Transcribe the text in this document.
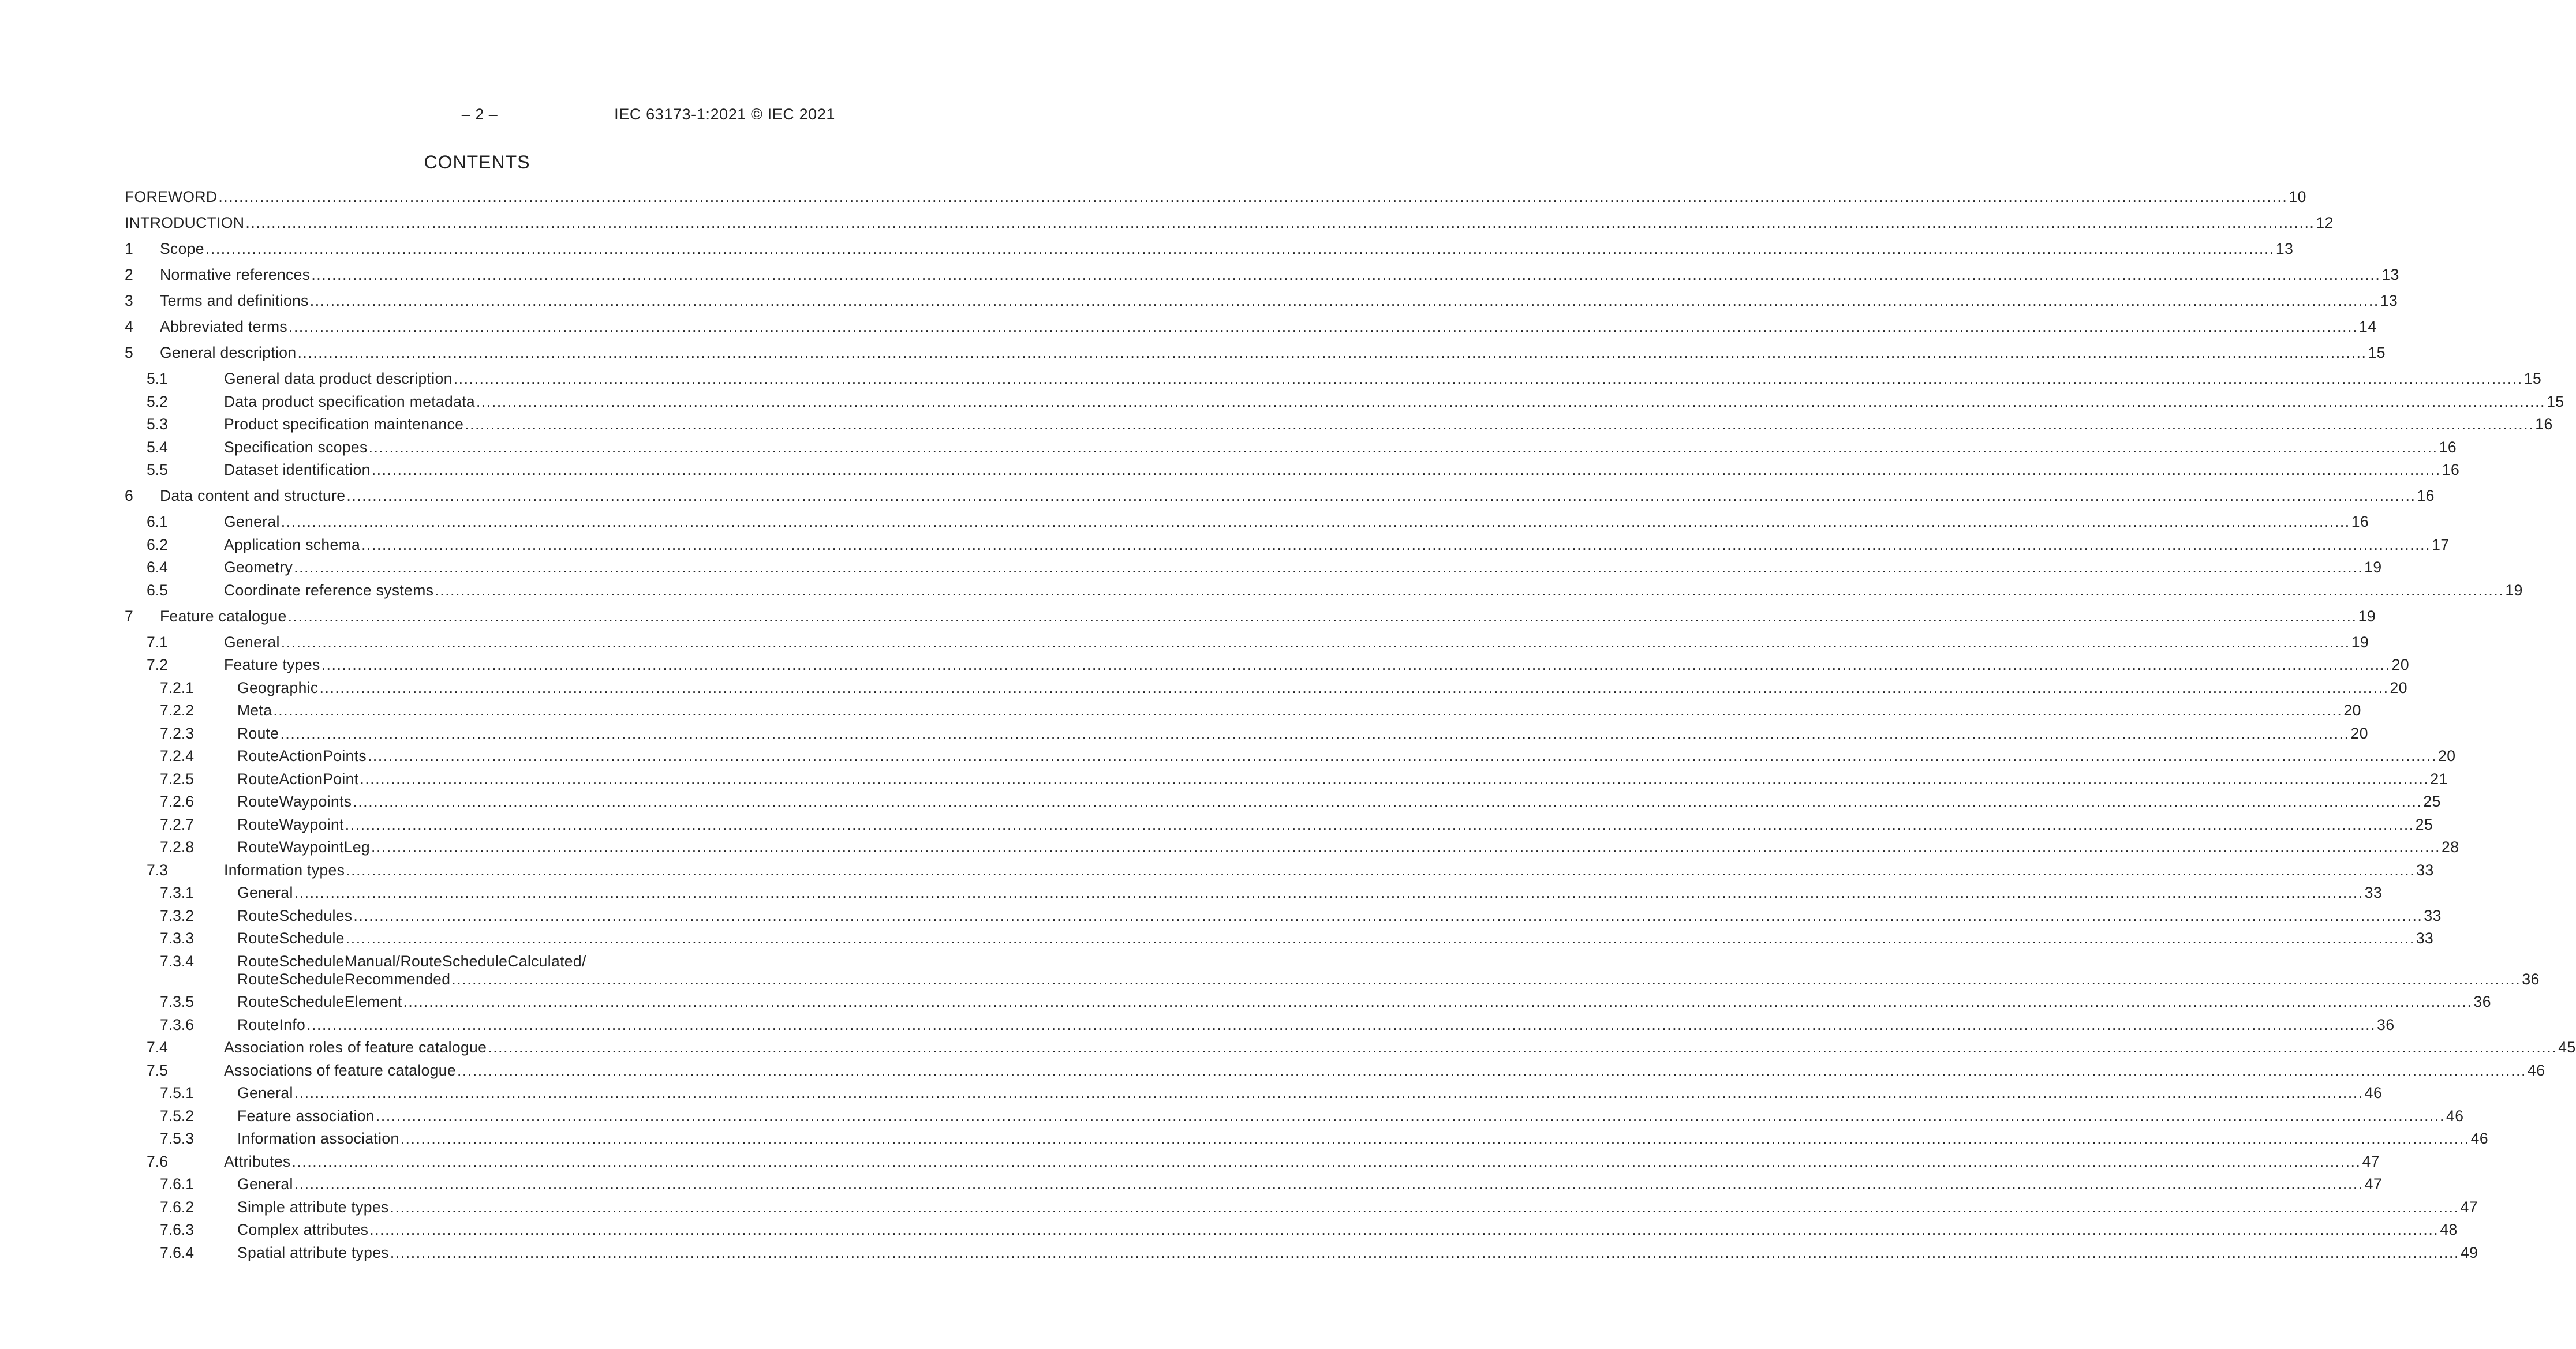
– 2 –	IEC 63173-1:2021 © IEC 2021
CONTENTS
FOREWORD ................................................................................................................................................................................................................................................................................................................................................................................................................ 10
INTRODUCTION ................................................................................................................................................................................................................................................................................................................................................................................................................ 12
1	Scope ................................................................................................................................................................................................................................................................................................................................................................................................................ 13
2	Normative references ................................................................................................................................................................................................................................................................................................................................................................................................................ 13
3	Terms and definitions ................................................................................................................................................................................................................................................................................................................................................................................................................ 13
4	Abbreviated terms ................................................................................................................................................................................................................................................................................................................................................................................................................ 14
5	General description ................................................................................................................................................................................................................................................................................................................................................................................................................ 15
5.1	General data product description ................................................................................................................................................................................................................................................................................................................................................................................................................ 15
5.2	Data product specification metadata ................................................................................................................................................................................................................................................................................................................................................................................................................ 15
5.3	Product specification maintenance ................................................................................................................................................................................................................................................................................................................................................................................................................ 16
5.4	Specification scopes ................................................................................................................................................................................................................................................................................................................................................................................................................ 16
5.5	Dataset identification ................................................................................................................................................................................................................................................................................................................................................................................................................ 16
6	Data content and structure ................................................................................................................................................................................................................................................................................................................................................................................................................ 16
6.1	General ................................................................................................................................................................................................................................................................................................................................................................................................................ 16
6.2	Application schema ................................................................................................................................................................................................................................................................................................................................................................................................................ 17
6.4	Geometry ................................................................................................................................................................................................................................................................................................................................................................................................................ 19
6.5	Coordinate reference systems ................................................................................................................................................................................................................................................................................................................................................................................................................ 19
7	Feature catalogue ................................................................................................................................................................................................................................................................................................................................................................................................................ 19
7.1	General ................................................................................................................................................................................................................................................................................................................................................................................................................ 19
7.2	Feature types ................................................................................................................................................................................................................................................................................................................................................................................................................ 20
7.2.1	Geographic ................................................................................................................................................................................................................................................................................................................................................................................................................ 20
7.2.2	Meta ................................................................................................................................................................................................................................................................................................................................................................................................................ 20
7.2.3	Route ................................................................................................................................................................................................................................................................................................................................................................................................................ 20
7.2.4	RouteActionPoints ................................................................................................................................................................................................................................................................................................................................................................................................................ 20
7.2.5	RouteActionPoint ................................................................................................................................................................................................................................................................................................................................................................................................................ 21
7.2.6	RouteWaypoints ................................................................................................................................................................................................................................................................................................................................................................................................................ 25
7.2.7	RouteWaypoint ................................................................................................................................................................................................................................................................................................................................................................................................................ 25
7.2.8	RouteWaypointLeg ................................................................................................................................................................................................................................................................................................................................................................................................................ 28
7.3	Information types ................................................................................................................................................................................................................................................................................................................................................................................................................ 33
7.3.1	General ................................................................................................................................................................................................................................................................................................................................................................................................................ 33
7.3.2	RouteSchedules ................................................................................................................................................................................................................................................................................................................................................................................................................ 33
7.3.3	RouteSchedule ................................................................................................................................................................................................................................................................................................................................................................................................................ 33
7.3.4	RouteScheduleManual/RouteScheduleCalculated/
RouteScheduleRecommended ................................................................................................................................................................................................................................................................................................................................................................................................................ 36
7.3.5	RouteScheduleElement ................................................................................................................................................................................................................................................................................................................................................................................................................ 36
7.3.6	RouteInfo ................................................................................................................................................................................................................................................................................................................................................................................................................ 36
7.4	Association roles of feature catalogue ................................................................................................................................................................................................................................................................................................................................................................................................................ 45
7.5	Associations of feature catalogue ................................................................................................................................................................................................................................................................................................................................................................................................................ 46
7.5.1	General ................................................................................................................................................................................................................................................................................................................................................................................................................ 46
7.5.2	Feature association ................................................................................................................................................................................................................................................................................................................................................................................................................ 46
7.5.3	Information association ................................................................................................................................................................................................................................................................................................................................................................................................................ 46
7.6	Attributes ................................................................................................................................................................................................................................................................................................................................................................................................................ 47
7.6.1	General ................................................................................................................................................................................................................................................................................................................................................................................................................ 47
7.6.2	Simple attribute types ................................................................................................................................................................................................................................................................................................................................................................................................................ 47
7.6.3	Complex attributes ................................................................................................................................................................................................................................................................................................................................................................................................................ 48
7.6.4	Spatial attribute types ................................................................................................................................................................................................................................................................................................................................................................................................................ 49
